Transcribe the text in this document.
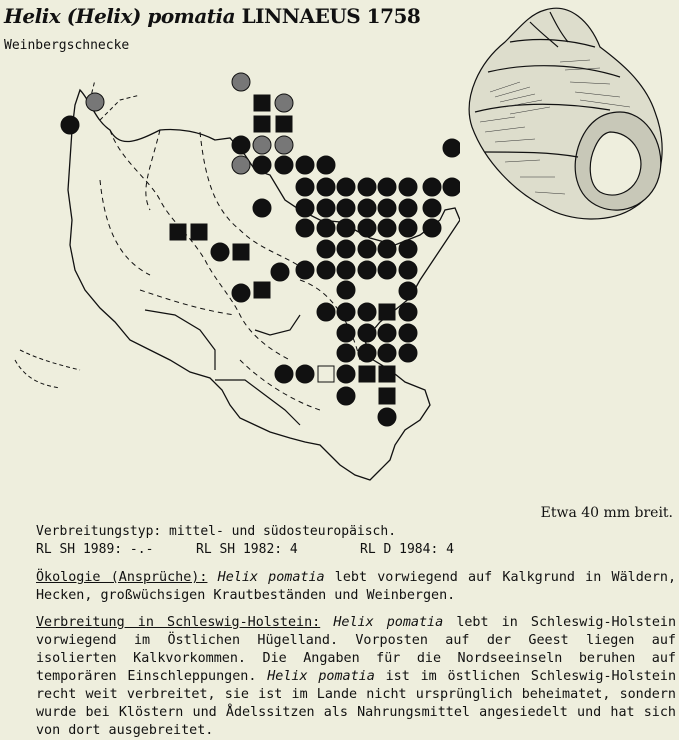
Helix (Helix) pomatia LINNAEUS 1758
Weinbergschnecke
Etwa 40 mm breit.
Verbreitungstyp: mittel- und südosteuropäisch.
RL SH 1989: -.-	RL SH 1982: 4	RL D 1984: 4
Ökologie (Ansprüche): Helix pomatia lebt vorwiegend auf Kalkgrund in Wäldern, Hecken, großwüchsigen Krautbeständen und Weinbergen.
Verbreitung in Schleswig-Holstein: Helix pomatia lebt in Schleswig-Holstein vorwiegend im Östlichen Hügelland. Vorposten auf der Geest liegen auf isolierten Kalkvorkommen. Die Angaben für die Nordseeinseln beruhen auf temporären Einschleppungen. Helix pomatia ist im östlichen Schleswig-Holstein recht weit verbreitet, sie ist im Lande nicht ursprünglich beheimatet, sondern wurde bei Klöstern und Ådelssitzen als Nahrungsmittel angesiedelt und hat sich von dort ausgebreitet.
